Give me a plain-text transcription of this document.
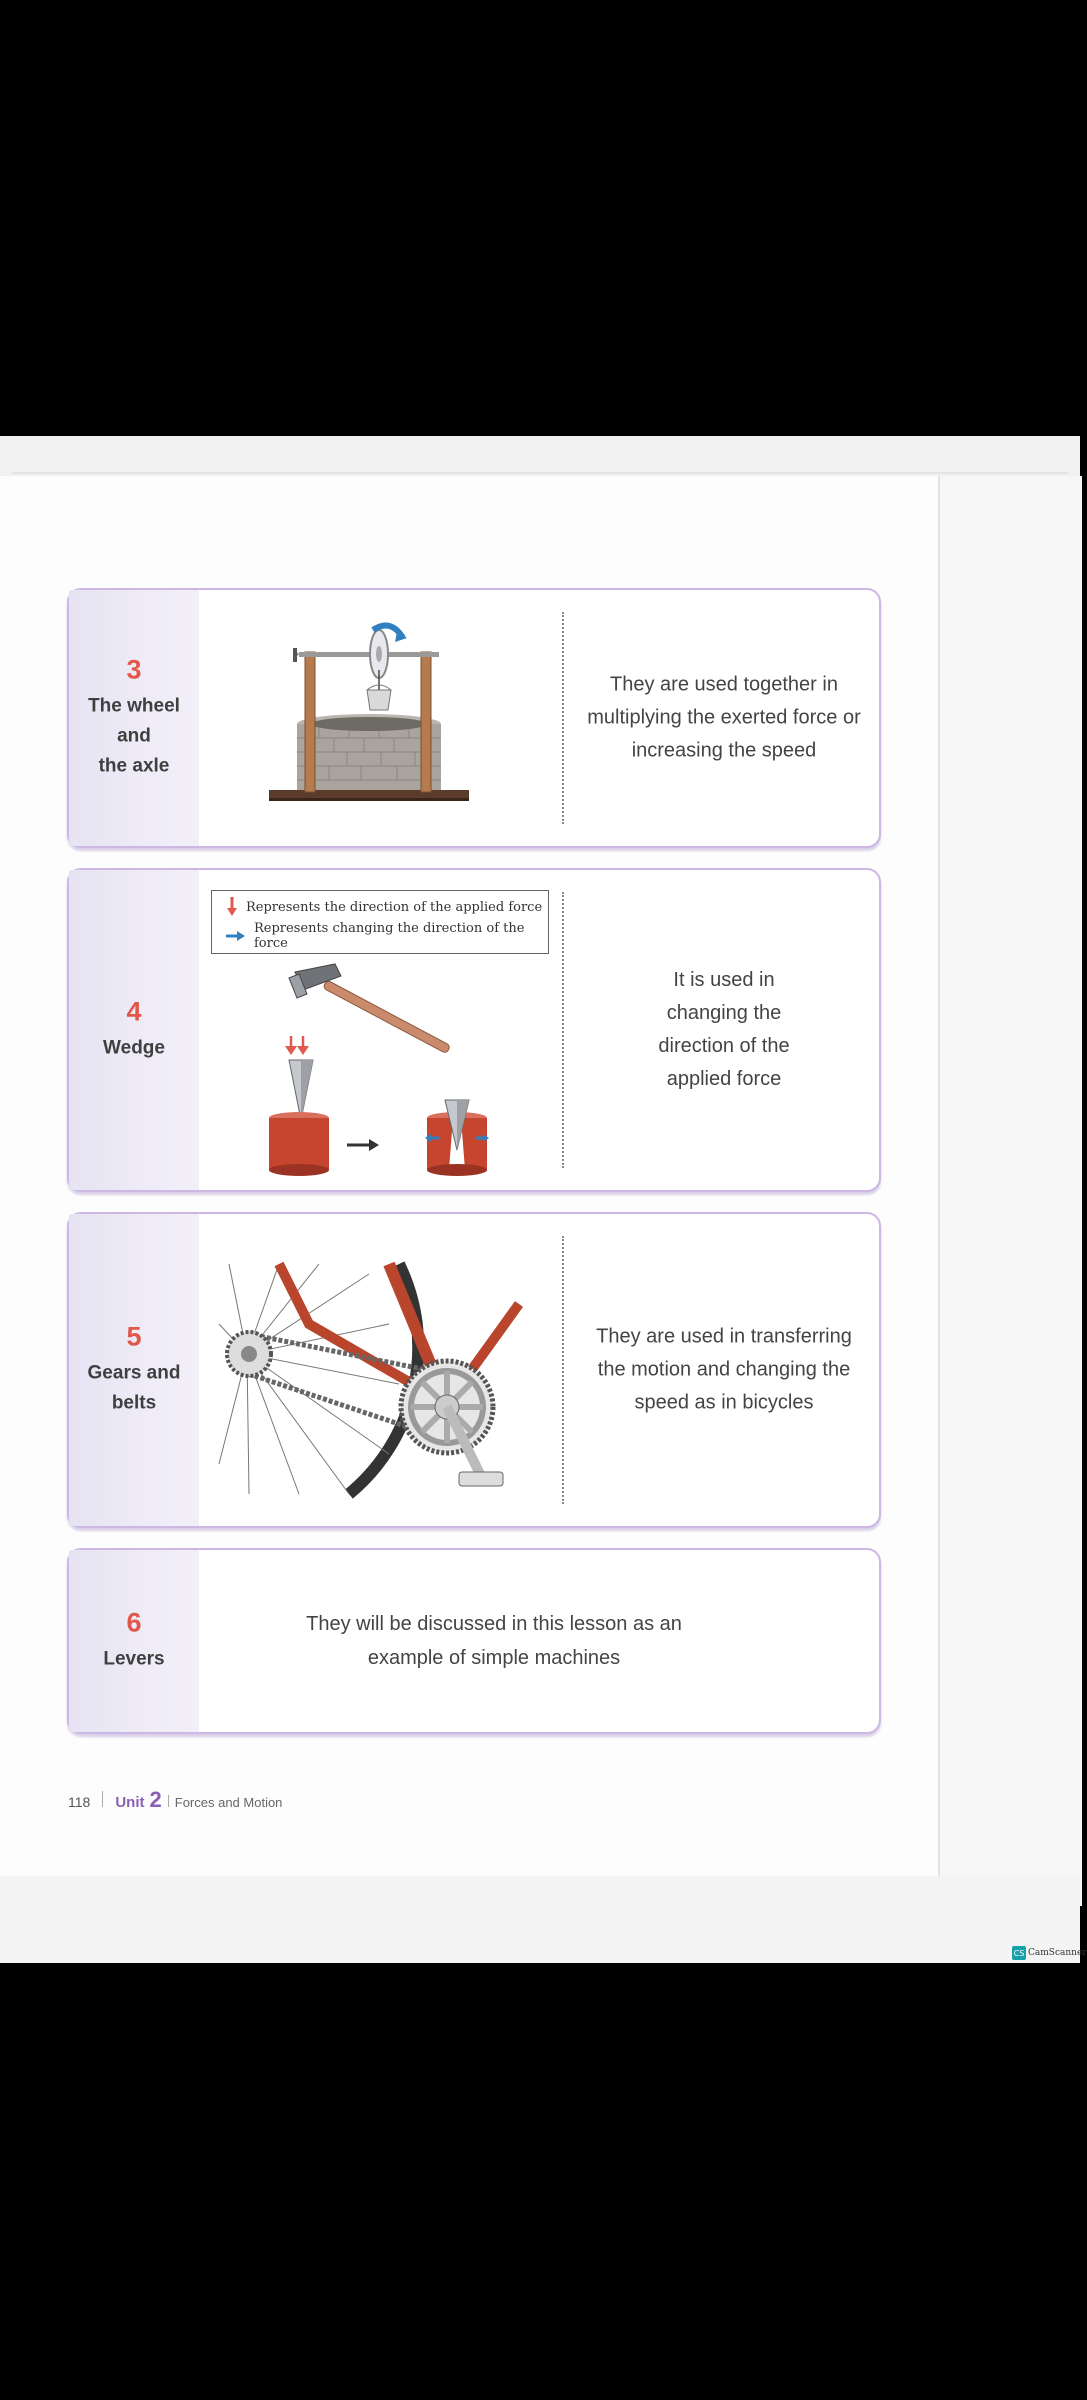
3
The wheel
and
the axle
They are used together in multiplying the exerted force or increasing the speed
4
Wedge
Represents the direction of the applied force
Represents changing the direction of the force
It is used in changing the direction of the applied force
5
Gears and
belts
They are used in transferring the motion and changing the speed as in bicycles
6
Levers
They will be discussed in this lesson as an example of simple machines
118 Unit 2 Forces and Motion
CS CamScanner
